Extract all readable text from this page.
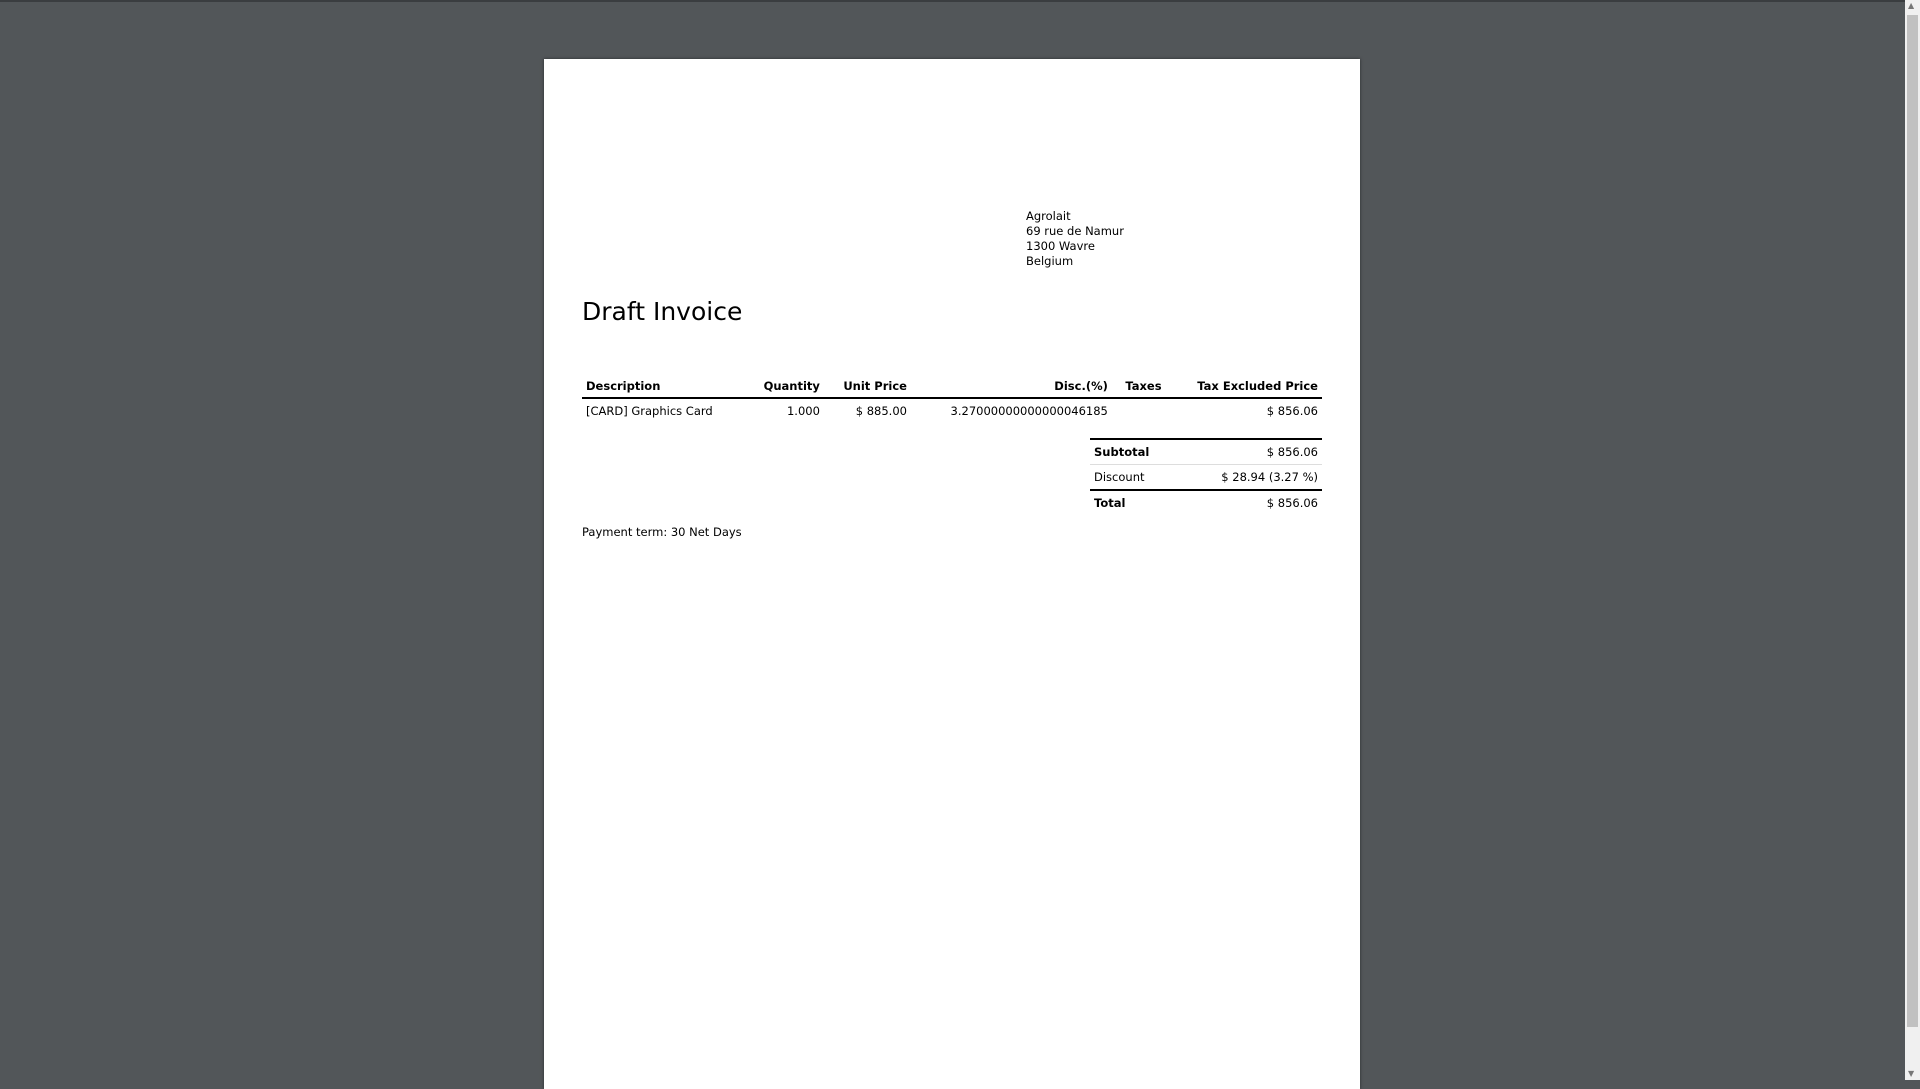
Agrolait
69 rue de Namur
1300 Wavre
Belgium
Draft Invoice
Description	Quantity	Unit Price	Disc.(%)	Taxes	Tax Excluded Price
[CARD] Graphics Card	1.000	$ 885.00	3.27000000000000046185		$ 856.06
Subtotal	$ 856.06
Discount	$ 28.94 (3.27 %)
Total	$ 856.06
Payment term: 30 Net Days
▲
▼
